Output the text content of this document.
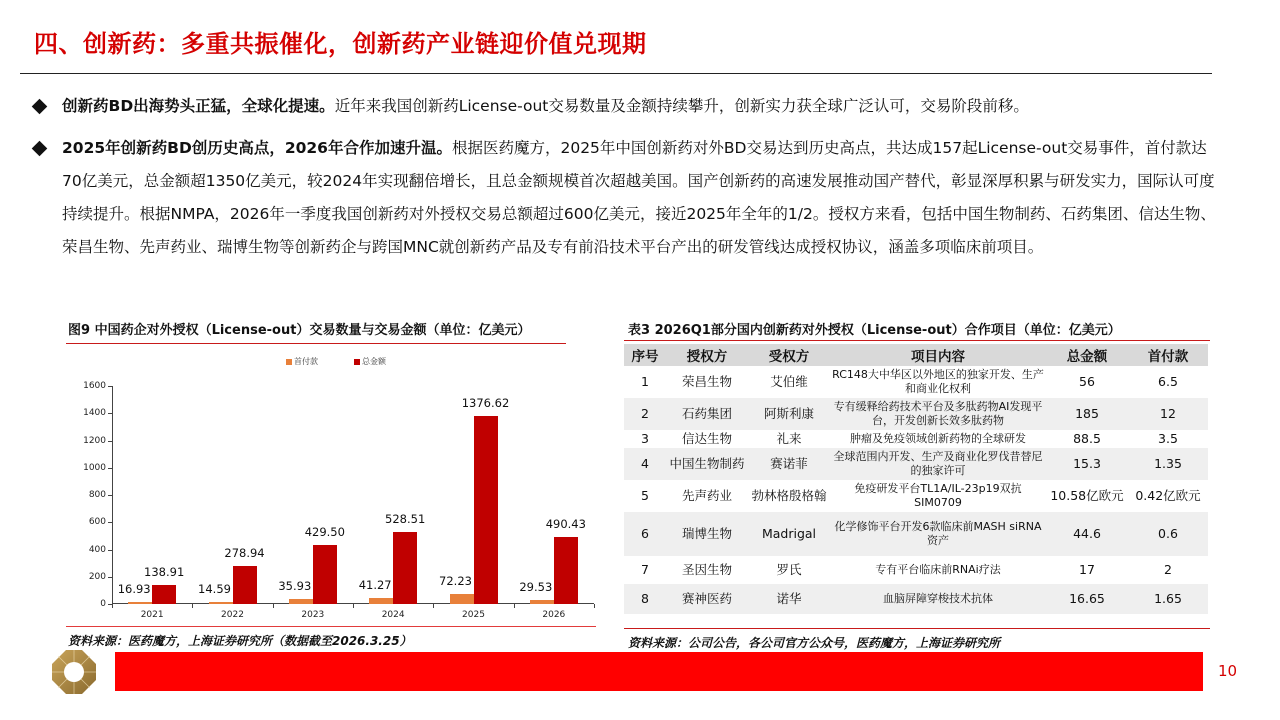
四、创新药：多重共振催化，创新药产业链迎价值兑现期
创新药BD出海势头正猛，全球化提速。近年来我国创新药License-out交易数量及金额持续攀升，创新实力获全球广泛认可，交易阶段前移。
2025年创新药BD创历史高点，2026年合作加速升温。根据医药魔方，2025年中国创新药对外BD交易达到历史高点，共达成157起License-out交易事件，首付款达70亿美元，总金额超1350亿美元，较2024年实现翻倍增长，且总金额规模首次超越美国。国产创新药的高速发展推动国产替代，彰显深厚积累与研发实力，国际认可度持续提升。根据NMPA，2026年一季度我国创新药对外授权交易总额超过600亿美元，接近2025年全年的1/2。授权方来看，包括中国生物制药、石药集团、信达生物、荣昌生物、先声药业、瑞博生物等创新药企与跨国MNC就创新药产品及专有前沿技术平台产出的研发管线达成授权协议，涵盖多项临床前项目。
图9 中国药企对外授权（License-out）交易数量与交易金额（单位：亿美元）
首付款	总金额
0
200
400
600
800
1000
1200
1400
1600
2021
16.93
138.91
2022
14.59
278.94
2023
35.93
429.50
2024
41.27
528.51
2025
72.23
1376.62
2026
29.53
490.43
资料来源：医药魔方，上海证券研究所（数据截至2026.3.25）
表3 2026Q1部分国内创新药对外授权（License-out）合作项目（单位：亿美元）
序号	授权方	受权方	项目内容	总金额	首付款
1	荣昌生物	艾伯维	RC148大中华区以外地区的独家开发、生产和商业化权利	56	6.5
2	石药集团	阿斯利康	专有缓释给药技术平台及多肽药物AI发现平台，开发创新长效多肽药物	185	12
3	信达生物	礼来	肿瘤及免疫领域创新药物的全球研发	88.5	3.5
4	中国生物制药	赛诺菲	全球范围内开发、生产及商业化罗伐昔替尼的独家许可	15.3	1.35
5	先声药业	勃林格殷格翰	免疫研发平台TL1A/IL-23p19双抗SIM0709	10.58亿欧元	0.42亿欧元
6	瑞博生物	Madrigal	化学修饰平台开发6款临床前MASH siRNA资产	44.6	0.6
7	圣因生物	罗氏	专有平台临床前RNAi疗法	17	2
8	赛神医药	诺华	血脑屏障穿梭技术抗体	16.65	1.65
资料来源：公司公告，各公司官方公众号，医药魔方，上海证券研究所
10
